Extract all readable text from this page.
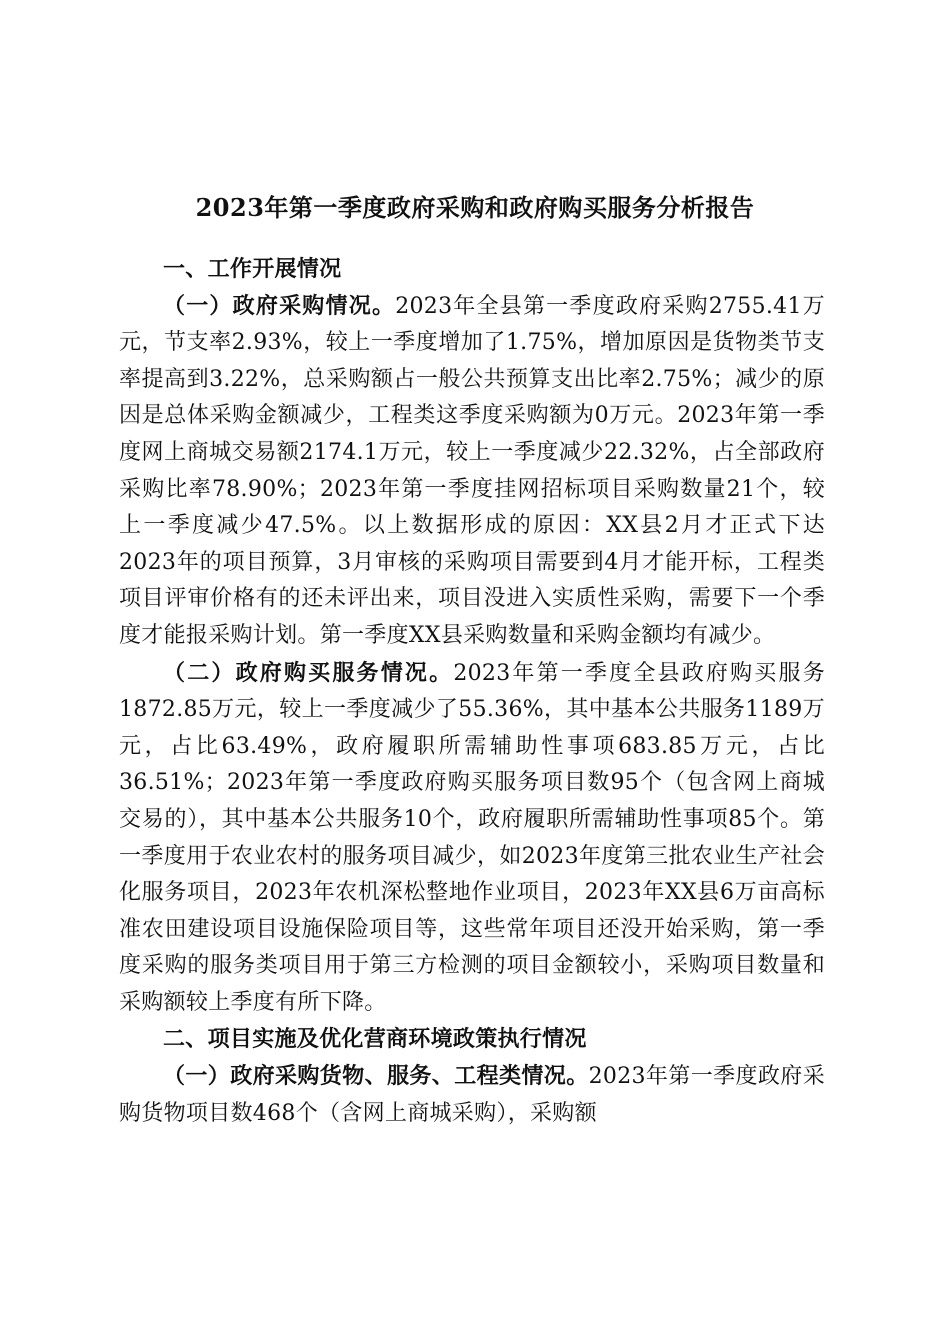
2023年第一季度政府采购和政府购买服务分析报告

一、工作开展情况

（一）政府采购情况。2023年全县第一季度政府采购2755.41万元，节支率2.93%，较上一季度增加了1.75%，增加原因是货物类节支率提高到3.22%，总采购额占一般公共预算支出比率2.75%；减少的原因是总体采购金额减少，工程类这季度采购额为0万元。2023年第一季度网上商城交易额2174.1万元，较上一季度减少22.32%，占全部政府采购比率78.90%；2023年第一季度挂网招标项目采购数量21个，较上一季度减少47.5%。以上数据形成的原因：XX县2月才正式下达2023年的项目预算，3月审核的采购项目需要到4月才能开标，工程类项目评审价格有的还未评出来，项目没进入实质性采购，需要下一个季度才能报采购计划。第一季度XX县采购数量和采购金额均有减少。

（二）政府购买服务情况。2023年第一季度全县政府购买服务1872.85万元，较上一季度减少了55.36%，其中基本公共服务1189万元，占比63.49%，政府履职所需辅助性事项683.85万元，占比36.51%；2023年第一季度政府购买服务项目数95个（包含网上商城交易的），其中基本公共服务10个，政府履职所需辅助性事项85个。第一季度用于农业农村的服务项目减少，如2023年度第三批农业生产社会化服务项目，2023年农机深松整地作业项目，2023年XX县6万亩高标准农田建设项目设施保险项目等，这些常年项目还没开始采购，第一季度采购的服务类项目用于第三方检测的项目金额较小，采购项目数量和采购额较上季度有所下降。

二、项目实施及优化营商环境政策执行情况

（一）政府采购货物、服务、工程类情况。2023年第一季度政府采购货物项目数468个（含网上商城采购），采购额
